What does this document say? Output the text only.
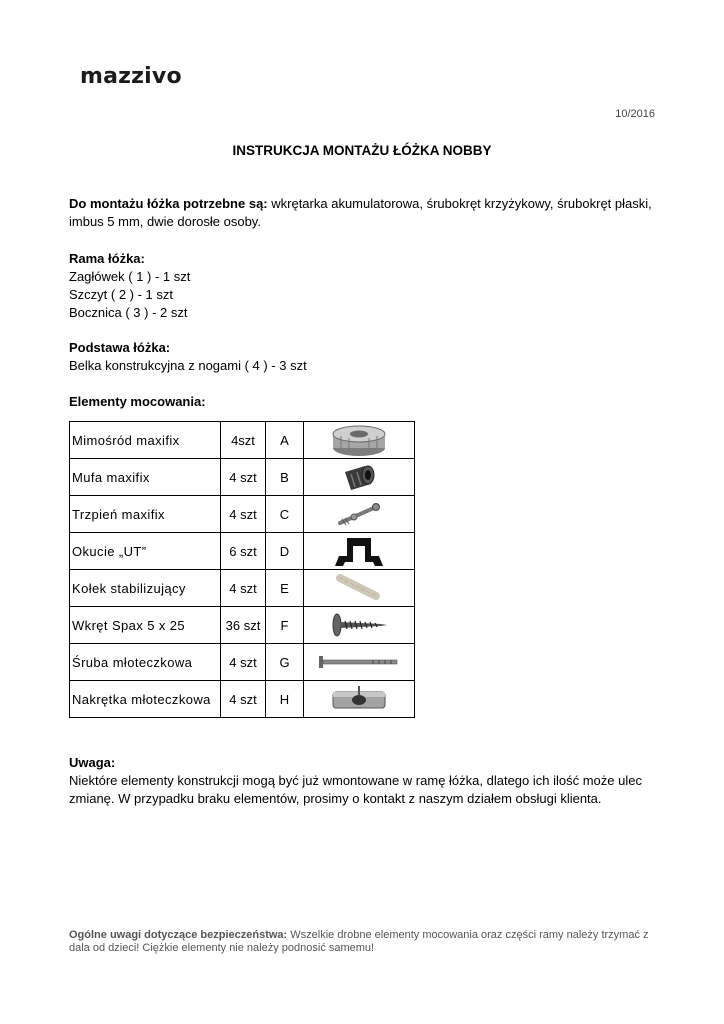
mazzivo
10/2016
INSTRUKCJA MONTAŻU ŁÓŻKA NOBBY
Do montażu łóżka potrzebne są: wkrętarka akumulatorowa, śrubokręt krzyżykowy, śrubokręt płaski, imbus 5 mm, dwie dorosłe osoby.
Rama łóżka:
Zagłówek ( 1 ) - 1 szt
Szczyt ( 2 ) - 1 szt
Bocznica ( 3 ) - 2 szt
Podstawa łóżka:
Belka konstrukcyjna z nogami ( 4 ) - 3 szt
Elementy mocowania:
Mimośród maxifix	4szt	A	

Mufa maxifix	4 szt	B	

Trzpień maxifix	4 szt	C	

Okucie „UT”	6 szt	D	

Kołek stabilizujący	4 szt	E	

Wkręt Spax 5 x 25	36 szt	F	

Śruba młoteczkowa	4 szt	G	

Nakrętka młoteczkowa	4 szt	H	
Uwaga:
Niektóre elementy konstrukcji mogą być już wmontowane w ramę łóżka, dlatego ich ilość może ulec zmianę. W przypadku braku elementów, prosimy o kontakt z naszym działem obsługi klienta.
Ogólne uwagi dotyczące bezpieczeństwa: Wszelkie drobne elementy mocowania oraz części ramy należy trzymać z dala od dzieci! Ciężkie elementy nie należy podnosić samemu!
